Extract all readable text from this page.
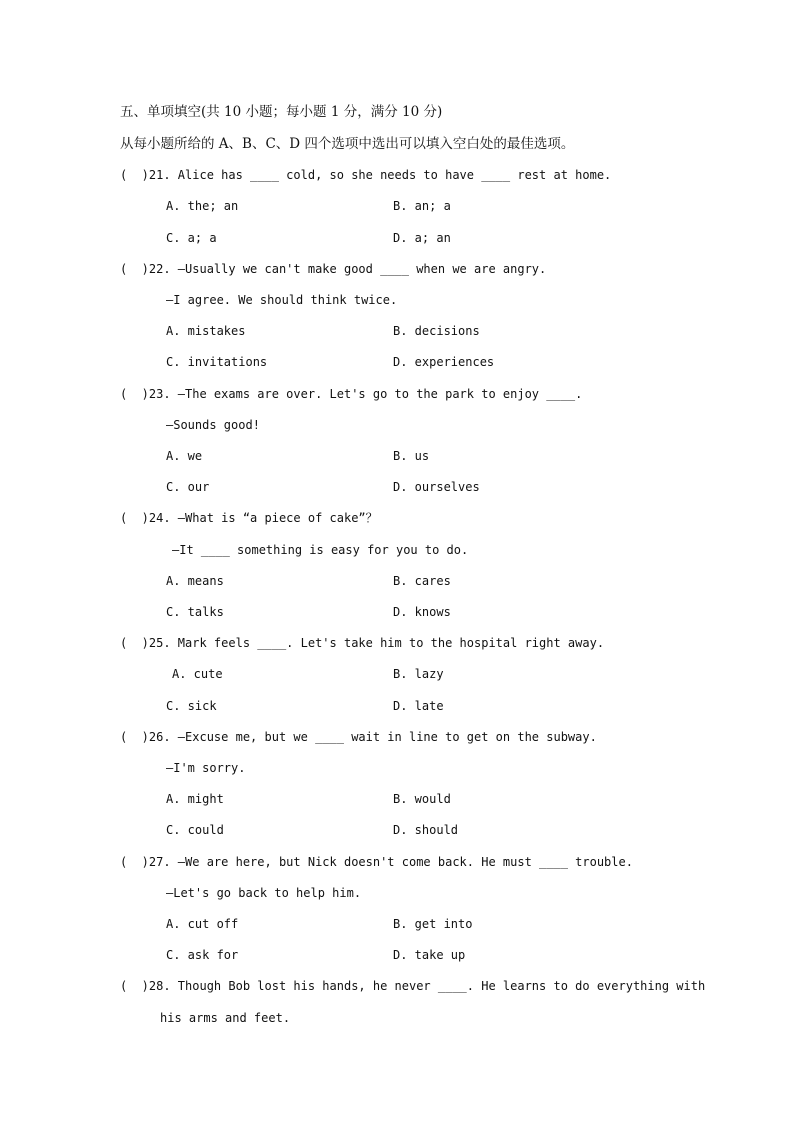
五、单项填空(共 10 小题；每小题 1 分，满分 10 分)
从每小题所给的 A、B、C、D 四个选项中选出可以填入空白处的最佳选项。
(  )21. Alice has ____ cold, so she needs to have ____ rest at home.
A. the; an	B. an; a
C. a; a	D. a; an
(  )22. —Usually we can't make good ____ when we are angry.
—I agree. We should think twice.
A. mistakes	B. decisions
C. invitations	D. experiences
(  )23. —The exams are over. Let's go to the park to enjoy ____.
—Sounds good!
A. we	B. us
C. our	D. ourselves
(  )24. —What is “a piece of cake”？
—It ____ something is easy for you to do.
A. means	B. cares
C. talks	D. knows
(  )25. Mark feels ____. Let's take him to the hospital right away.
A. cute	B. lazy
C. sick	D. late
(  )26. —Excuse me, but we ____ wait in line to get on the subway.
—I'm sorry.
A. might	B. would
C. could	D. should
(  )27. —We are here, but Nick doesn't come back. He must ____ trouble.
—Let's go back to help him.
A. cut off	B. get into
C. ask for	D. take up
(  )28. Though Bob lost his hands, he never ____. He learns to do everything with
his arms and feet.
